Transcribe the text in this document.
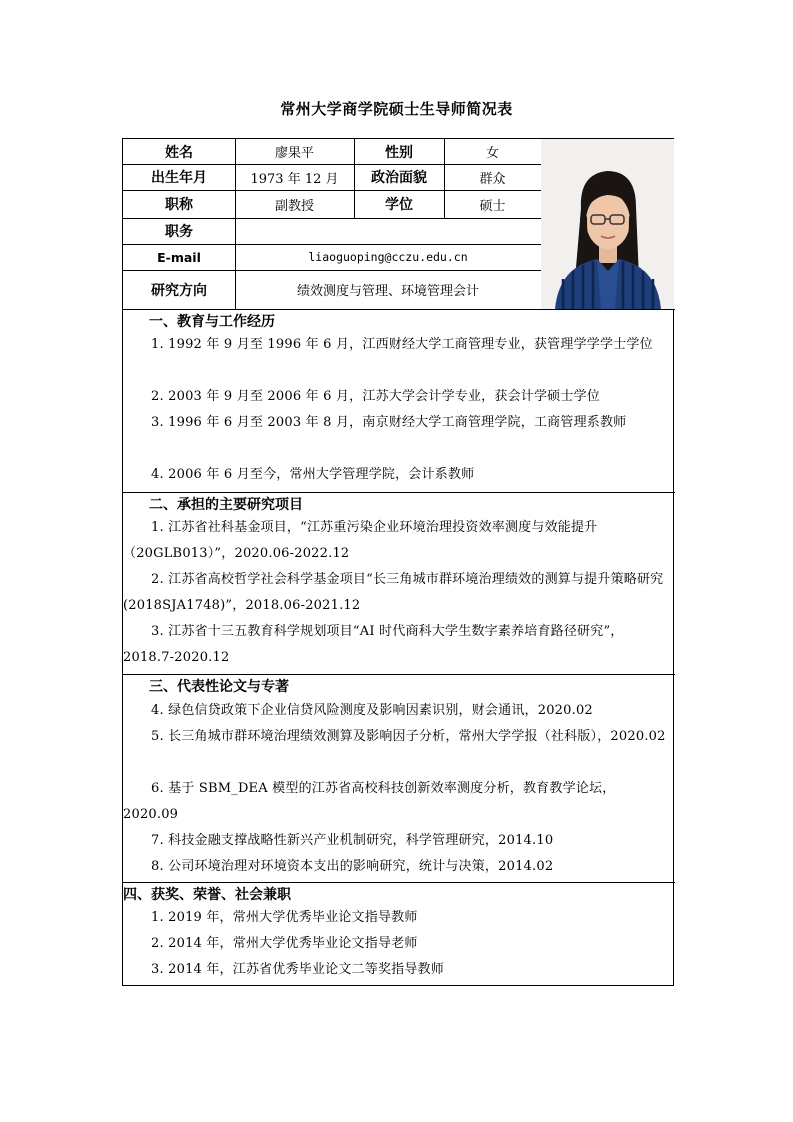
常州大学商学院硕士生导师简况表
姓名	廖果平	性别	女
出生年月	1973 年 12 月	政治面貌	群众
职称	副教授	学位	硕士
职务
E-mail	liaoguoping@cczu.edu.cn
研究方向	绩效测度与管理、环境管理会计
一、教育与工作经历
1. 1992 年 9 月至 1996 年 6 月，江西财经大学工商管理专业，获管理学学学士学位
2. 2003 年 9 月至 2006 年 6 月，江苏大学会计学专业，获会计学硕士学位
3. 1996 年 6 月至 2003 年 8 月，南京财经大学工商管理学院，工商管理系教师
4. 2006 年 6 月至今，常州大学管理学院，会计系教师
二、承担的主要研究项目
1. 江苏省社科基金项目，“江苏重污染企业环境治理投资效率测度与效能提升（20GLB013）”，2020.06-2022.12
2. 江苏省高校哲学社会科学基金项目“长三角城市群环境治理绩效的测算与提升策略研究(2018SJA1748)”，2018.06-2021.12
3. 江苏省十三五教育科学规划项目“AI 时代商科大学生数字素养培育路径研究”，2018.7-2020.12
三、代表性论文与专著
4. 绿色信贷政策下企业信贷风险测度及影响因素识别，财会通讯，2020.02
5. 长三角城市群环境治理绩效测算及影响因子分析，常州大学学报（社科版），2020.02
6. 基于 SBM_DEA 模型的江苏省高校科技创新效率测度分析，教育教学论坛，2020.09
7. 科技金融支撑战略性新兴产业机制研究，科学管理研究，2014.10
8. 公司环境治理对环境资本支出的影响研究，统计与决策，2014.02
四、获奖、荣誉、社会兼职
1. 2019 年，常州大学优秀毕业论文指导教师
2. 2014 年，常州大学优秀毕业论文指导老师
3. 2014 年，江苏省优秀毕业论文二等奖指导教师
